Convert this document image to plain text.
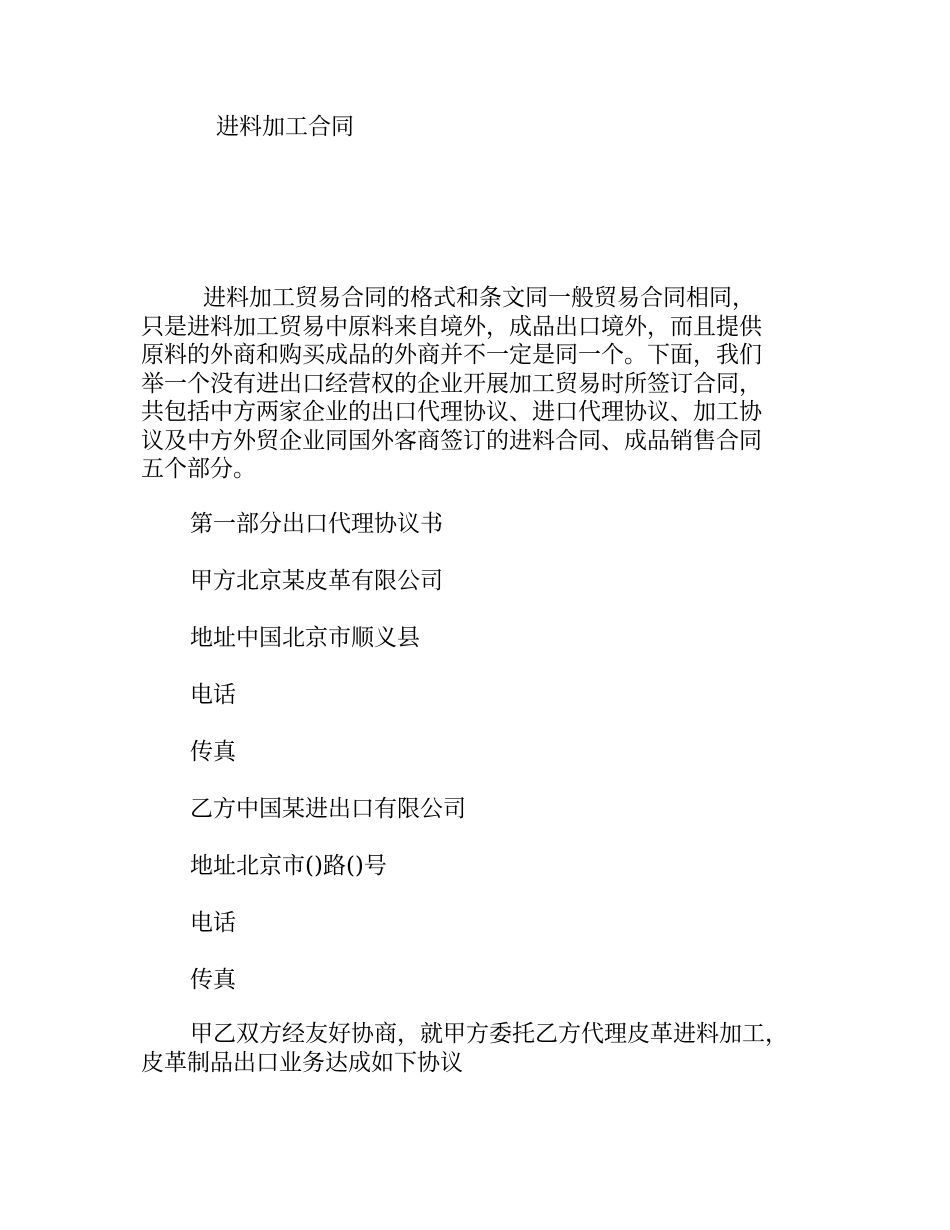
进料加工合同
进料加工贸易合同的格式和条文同一般贸易合同相同，
只是进料加工贸易中原料来自境外，成品出口境外，而且提供
原料的外商和购买成品的外商并不一定是同一个。下面，我们
举一个没有进出口经营权的企业开展加工贸易时所签订合同，
共包括中方两家企业的出口代理协议、进口代理协议、加工协
议及中方外贸企业同国外客商签订的进料合同、成品销售合同
五个部分。

第一部分出口代理协议书

甲方北京某皮革有限公司

地址中国北京市顺义县

电话

传真

乙方中国某进出口有限公司

地址北京市()路()号

电话

传真

甲乙双方经友好协商，就甲方委托乙方代理皮革进料加工，
皮革制品出口业务达成如下协议
